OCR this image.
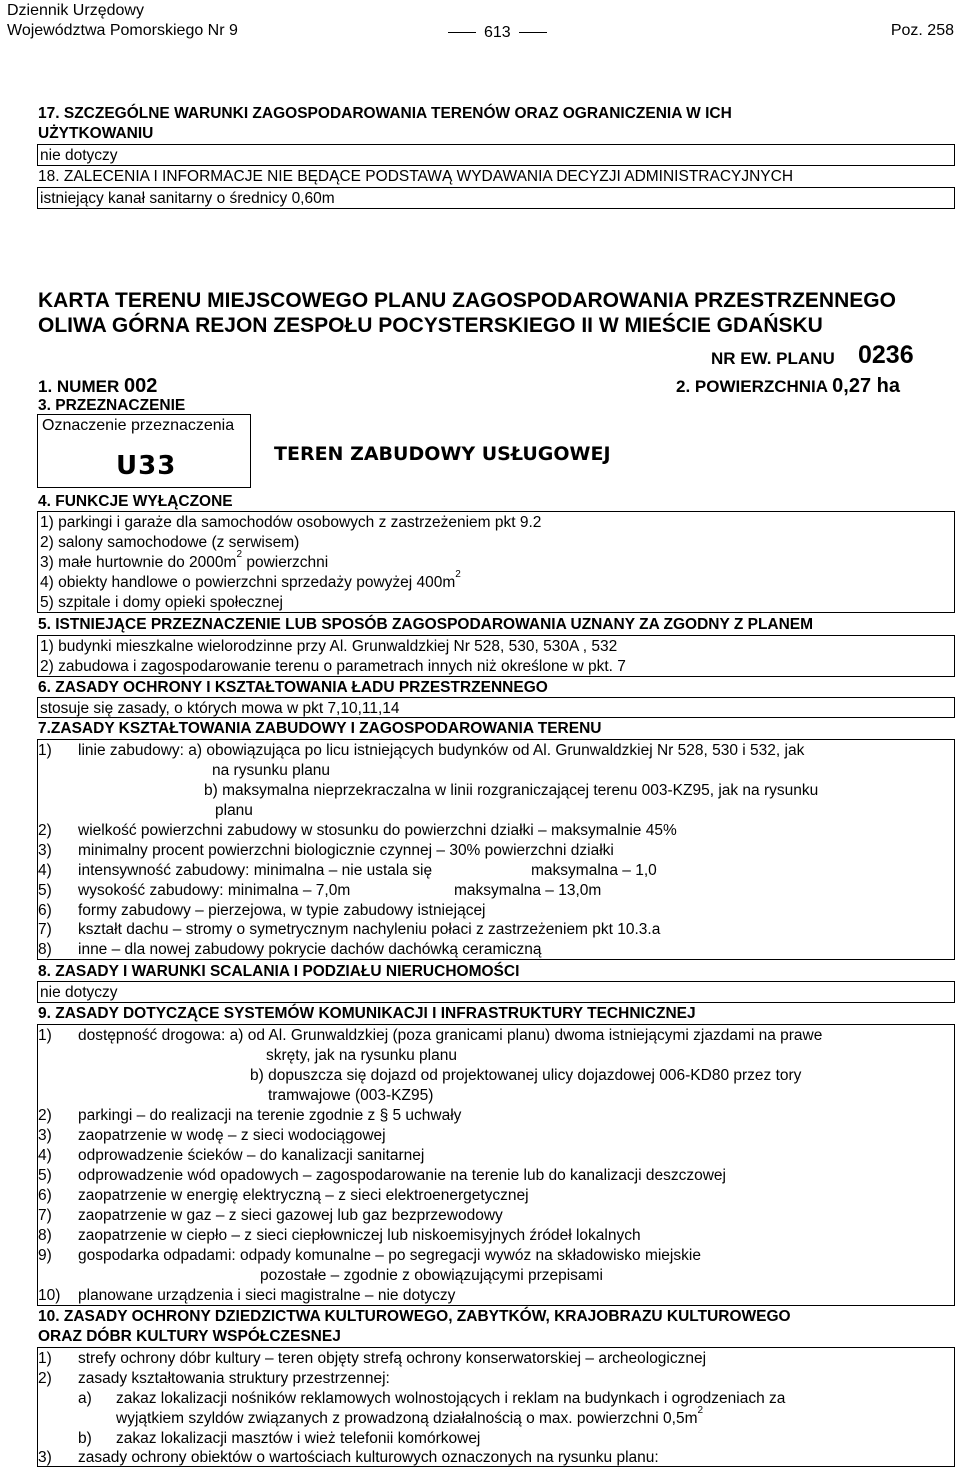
Dziennik Urzędowy
Województwa Pomorskiego Nr 9	613	Poz. 258
17. SZCZEGÓLNE WARUNKI ZAGOSPODAROWANIA TERENÓW ORAZ OGRANICZENIA W ICH
UŻYTKOWANIU
nie dotyczy
18. ZALECENIA I INFORMACJE NIE BĘDĄCE PODSTAWĄ WYDAWANIA DECYZJI ADMINISTRACYJNYCH
istniejący kanał sanitarny o średnicy 0,60m
KARTA TERENU MIEJSCOWEGO PLANU ZAGOSPODAROWANIA PRZESTRZENNEGO
OLIWA GÓRNA REJON ZESPOŁU POCYSTERSKIEGO II W MIEŚCIE GDAŃSKU
NR EW. PLANU 0236
1. NUMER 002	2. POWIERZCHNIA 0,27 ha
3. PRZEZNACZENIE
Oznaczenie przeznaczenia
U33	TEREN ZABUDOWY USŁUGOWEJ
4. FUNKCJE WYŁĄCZONE
1) parkingi i garaże dla samochodów osobowych z zastrzeżeniem pkt 9.2
2) salony samochodowe (z serwisem)
3) małe hurtownie do $2000m^2$ powierzchni
4) obiekty handlowe o powierzchni sprzedaży powyżej $400m^2$
5) szpitale i domy opieki społecznej
5. ISTNIEJĄCE PRZEZNACZENIE LUB SPOSÓB ZAGOSPODAROWANIA UZNANY ZA ZGODNY Z PLANEM
1) budynki mieszkalne wielorodzinne przy Al. Grunwaldzkiej Nr 528, 530, 530A , 532
2) zabudowa i zagospodarowanie terenu o parametrach innych niż określone w pkt. 7
6. ZASADY OCHRONY I KSZTAŁTOWANIA ŁADU PRZESTRZENNEGO
stosuje się zasady, o których mowa w pkt 7,10,11,14
7.ZASADY KSZTAŁTOWANIA ZABUDOWY I ZAGOSPODAROWANIA TERENU
1) linie zabudowy: a) obowiązująca po licu istniejących budynków od Al. Grunwaldzkiej Nr 528, 530 i 532, jak
na rysunku planu
b) maksymalna nieprzekraczalna w linii rozgraniczającej terenu 003-KZ95, jak na rysunku
planu
2) wielkość powierzchni zabudowy w stosunku do powierzchni działki – maksymalnie 45%
3) minimalny procent powierzchni biologicznie czynnej – 30% powierzchni działki
4) intensywność zabudowy: minimalna – nie ustala się	maksymalna – 1,0
5) wysokość zabudowy: minimalna – 7,0m	maksymalna – 13,0m
6) formy zabudowy – pierzejowa, w typie zabudowy istniejącej
7) kształt dachu – stromy o symetrycznym nachyleniu połaci z zastrzeżeniem pkt 10.3.a
8) inne – dla nowej zabudowy pokrycie dachów dachówką ceramiczną
8. ZASADY I WARUNKI SCALANIA I PODZIAŁU NIERUCHOMOŚCI
nie dotyczy
9. ZASADY DOTYCZĄCE SYSTEMÓW KOMUNIKACJI I INFRASTRUKTURY TECHNICZNEJ
1) dostępność drogowa: a) od Al. Grunwaldzkiej (poza granicami planu) dwoma istniejącymi zjazdami na prawe
skręty, jak na rysunku planu
b) dopuszcza się dojazd od projektowanej ulicy dojazdowej 006-KD80 przez tory
tramwajowe (003-KZ95)
2) parkingi – do realizacji na terenie zgodnie z § 5 uchwały
3) zaopatrzenie w wodę – z sieci wodociągowej
4) odprowadzenie ścieków – do kanalizacji sanitarnej
5) odprowadzenie wód opadowych – zagospodarowanie na terenie lub do kanalizacji deszczowej
6) zaopatrzenie w energię elektryczną – z sieci elektroenergetycznej
7) zaopatrzenie w gaz – z sieci gazowej lub gaz bezprzewodowy
8) zaopatrzenie w ciepło – z sieci ciepłowniczej lub niskoemisyjnych źródeł lokalnych
9) gospodarka odpadami: odpady komunalne – po segregacji wywóz na składowisko miejskie
pozostałe – zgodnie z obowiązującymi przepisami
10) planowane urządzenia i sieci magistralne – nie dotyczy
10. ZASADY OCHRONY DZIEDZICTWA KULTUROWEGO, ZABYTKÓW, KRAJOBRAZU KULTUROWEGO
ORAZ DÓBR KULTURY WSPÓŁCZESNEJ
1) strefy ochrony dóbr kultury – teren objęty strefą ochrony konserwatorskiej – archeologicznej
2) zasady kształtowania struktury przestrzennej:
a) zakaz lokalizacji nośników reklamowych wolnostojących i reklam na budynkach i ogrodzeniach za
wyjątkiem szyldów związanych z prowadzoną działalnością o max. powierzchni $0,5m^2$
b) zakaz lokalizacji masztów i wież telefonii komórkowej
3) zasady ochrony obiektów o wartościach kulturowych oznaczonych na rysunku planu:
